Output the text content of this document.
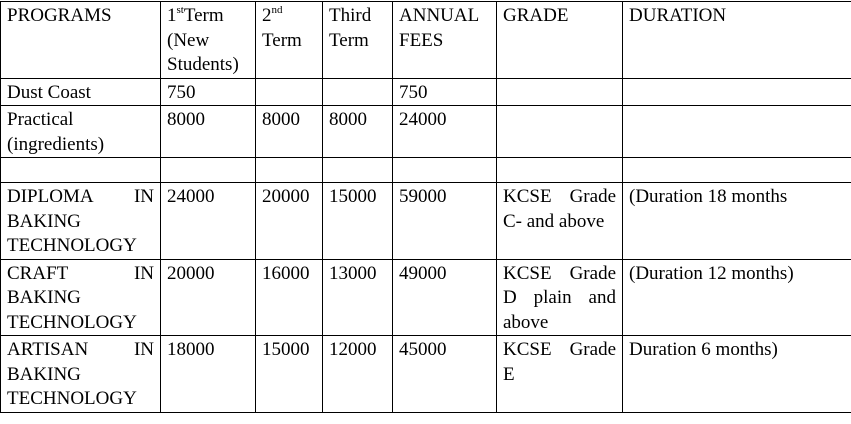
PROGRAMS	1stTerm (New Students)	2nd Term	Third Term	ANNUAL FEES	GRADE	DURATION
Dust Coast	750			750		
Practical (ingredients)	8000	8000	8000	24000		

DIPLOMA IN BAKING TECHNOLOGY	24000	20000	15000	59000	KCSE Grade C- and above	(Duration 18 months
CRAFT IN BAKING TECHNOLOGY	20000	16000	13000	49000	KCSE Grade D plain and above	(Duration 12 months)
ARTISAN IN BAKING TECHNOLOGY	18000	15000	12000	45000	KCSE Grade E	Duration 6 months)
